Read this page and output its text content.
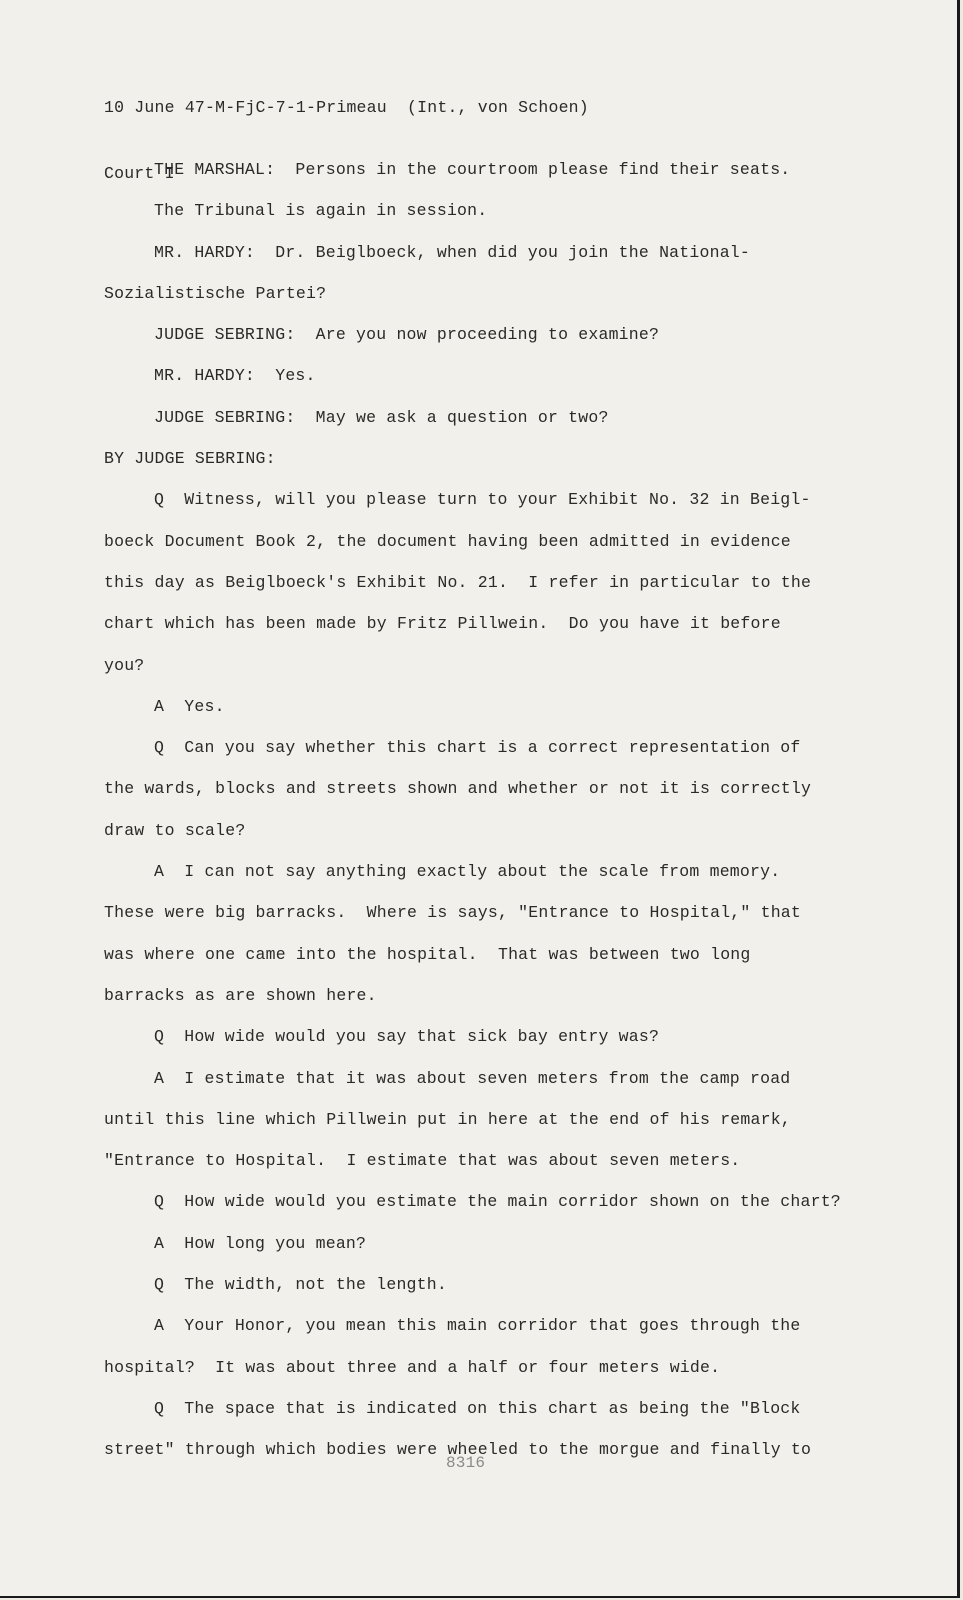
10 June 47-M-FjC-7-1-Primeau  (Int., von Schoen)

Court I

THE MARSHAL:  Persons in the courtroom please find their seats.
The Tribunal is again in session.
MR. HARDY:  Dr. Beiglboeck, when did you join the National-
Sozialistische Partei?
JUDGE SEBRING:  Are you now proceeding to examine?
MR. HARDY:  Yes.
JUDGE SEBRING:  May we ask a question or two?
BY JUDGE SEBRING:
Q  Witness, will you please turn to your Exhibit No. 32 in Beigl-
boeck Document Book 2, the document having been admitted in evidence
this day as Beiglboeck's Exhibit No. 21.  I refer in particular to the
chart which has been made by Fritz Pillwein.  Do you have it before
you?
A  Yes.
Q  Can you say whether this chart is a correct representation of
the wards, blocks and streets shown and whether or not it is correctly
draw to scale?
A  I can not say anything exactly about the scale from memory.
These were big barracks.  Where is says, "Entrance to Hospital," that
was where one came into the hospital.  That was between two long
barracks as are shown here.
Q  How wide would you say that sick bay entry was?
A  I estimate that it was about seven meters from the camp road
until this line which Pillwein put in here at the end of his remark,
"Entrance to Hospital.  I estimate that was about seven meters.
Q  How wide would you estimate the main corridor shown on the chart?
A  How long you mean?
Q  The width, not the length.
A  Your Honor, you mean this main corridor that goes through the
hospital?  It was about three and a half or four meters wide.
Q  The space that is indicated on this chart as being the "Block
street" through which bodies were wheeled to the morgue and finally to
8316
